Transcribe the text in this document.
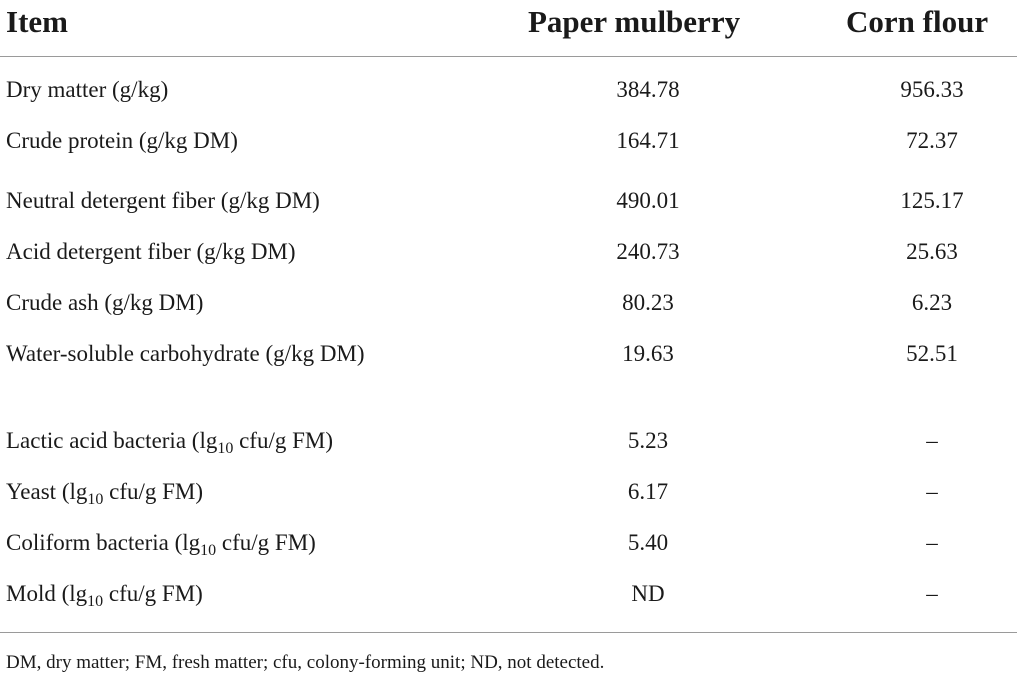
Item	Paper mulberry	Corn flour
Dry matter (g/kg)	384.78	956.33
Crude protein (g/kg DM)	164.71	72.37
Neutral detergent fiber (g/kg DM)	490.01	125.17
Acid detergent fiber (g/kg DM)	240.73	25.63
Crude ash (g/kg DM)	80.23	6.23
Water-soluble carbohydrate (g/kg DM)	19.63	52.51
Lactic acid bacteria ($\lg_{10}$ cfu/g FM)	5.23	–
Yeast ($\lg_{10}$ cfu/g FM)	6.17	–
Coliform bacteria ($\lg_{10}$ cfu/g FM)	5.40	–
Mold ($\lg_{10}$ cfu/g FM)	ND	–
DM, dry matter; FM, fresh matter; cfu, colony-forming unit; ND, not detected.
